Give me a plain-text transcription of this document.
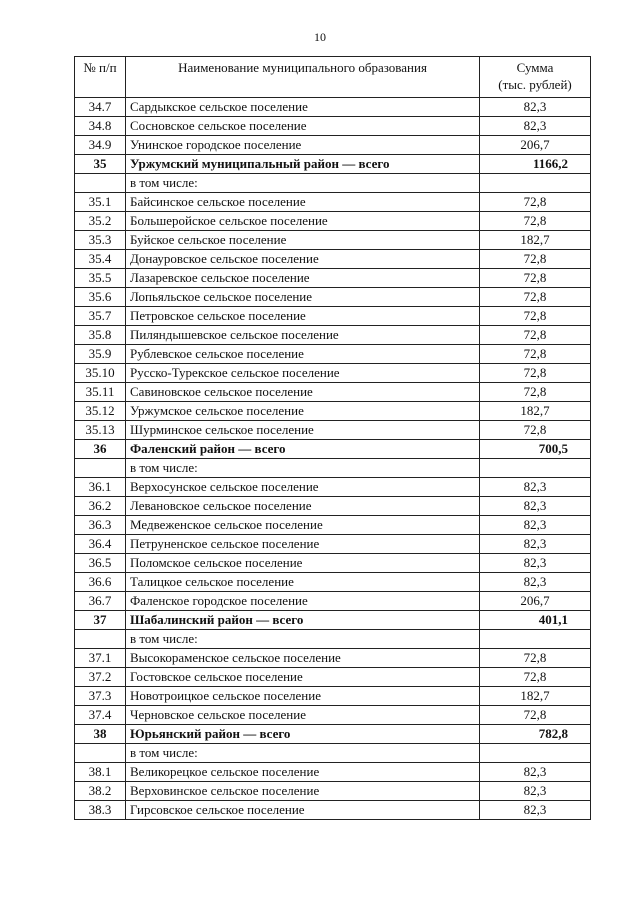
10
№ п/п	Наименование муниципального образования	Сумма
(тыс. рублей)

34.7	Сардыкское сельское поселение	82,3
34.8	Сосновское сельское поселение	82,3
34.9	Унинское городское поселение	206,7
35	Уржумский муниципальный район — всего	1166,2
	в том числе:	
35.1	Байсинское сельское поселение	72,8
35.2	Большеройское сельское поселение	72,8
35.3	Буйское сельское поселение	182,7
35.4	Донауровское сельское поселение	72,8
35.5	Лазаревское сельское поселение	72,8
35.6	Лопьяльское сельское поселение	72,8
35.7	Петровское сельское поселение	72,8
35.8	Пиляндышевское сельское поселение	72,8
35.9	Рублевское сельское поселение	72,8
35.10	Русско-Турекское сельское поселение	72,8
35.11	Савиновское сельское поселение	72,8
35.12	Уржумское сельское поселение	182,7
35.13	Шурминское сельское поселение	72,8
36	Фаленский район — всего	700,5
	в том числе:	
36.1	Верхосунское сельское поселение	82,3
36.2	Левановское сельское поселение	82,3
36.3	Медвеженское сельское поселение	82,3
36.4	Петруненское сельское поселение	82,3
36.5	Поломское сельское поселение	82,3
36.6	Талицкое сельское поселение	82,3
36.7	Фаленское городское поселение	206,7
37	Шабалинский район — всего	401,1
	в том числе:	
37.1	Высокораменское сельское поселение	72,8
37.2	Гостовское сельское поселение	72,8
37.3	Новотроицкое сельское поселение	182,7
37.4	Черновское сельское поселение	72,8
38	Юрьянский район — всего	782,8
	в том числе:	
38.1	Великорецкое сельское поселение	82,3
38.2	Верховинское сельское поселение	82,3
38.3	Гирсовское сельское поселение	82,3
